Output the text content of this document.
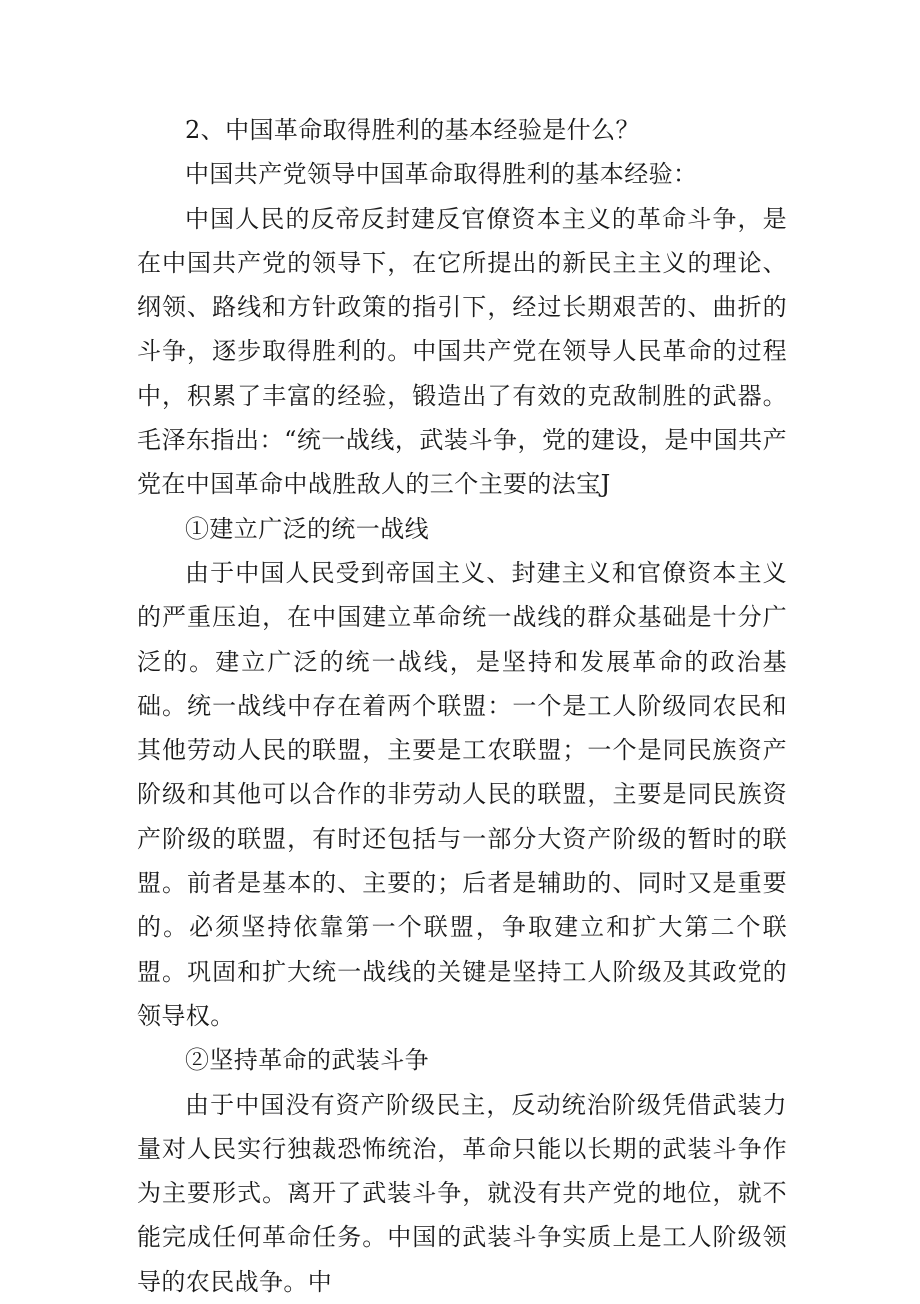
2、中国革命取得胜利的基本经验是什么？

中国共产党领导中国革命取得胜利的基本经验：

中国人民的反帝反封建反官僚资本主义的革命斗争，是在中国共产党的领导下，在它所提出的新民主主义的理论、纲领、路线和方针政策的指引下，经过长期艰苦的、曲折的斗争，逐步取得胜利的。中国共产党在领导人民革命的过程中，积累了丰富的经验，锻造出了有效的克敌制胜的武器。毛泽东指出：“统一战线，武装斗争，党的建设，是中国共产党在中国革命中战胜敌人的三个主要的法宝J

①建立广泛的统一战线

由于中国人民受到帝国主义、封建主义和官僚资本主义的严重压迫，在中国建立革命统一战线的群众基础是十分广泛的。建立广泛的统一战线，是坚持和发展革命的政治基础。统一战线中存在着两个联盟：一个是工人阶级同农民和其他劳动人民的联盟，主要是工农联盟；一个是同民族资产阶级和其他可以合作的非劳动人民的联盟，主要是同民族资产阶级的联盟，有时还包括与一部分大资产阶级的暂时的联盟。前者是基本的、主要的；后者是辅助的、同时又是重要的。必须坚持依靠第一个联盟，争取建立和扩大第二个联盟。巩固和扩大统一战线的关键是坚持工人阶级及其政党的领导权。

②坚持革命的武装斗争

由于中国没有资产阶级民主，反动统治阶级凭借武装力量对人民实行独裁恐怖统治，革命只能以长期的武装斗争作为主要形式。离开了武装斗争，就没有共产党的地位，就不能完成任何革命任务。中国的武装斗争实质上是工人阶级领导的农民战争。中
